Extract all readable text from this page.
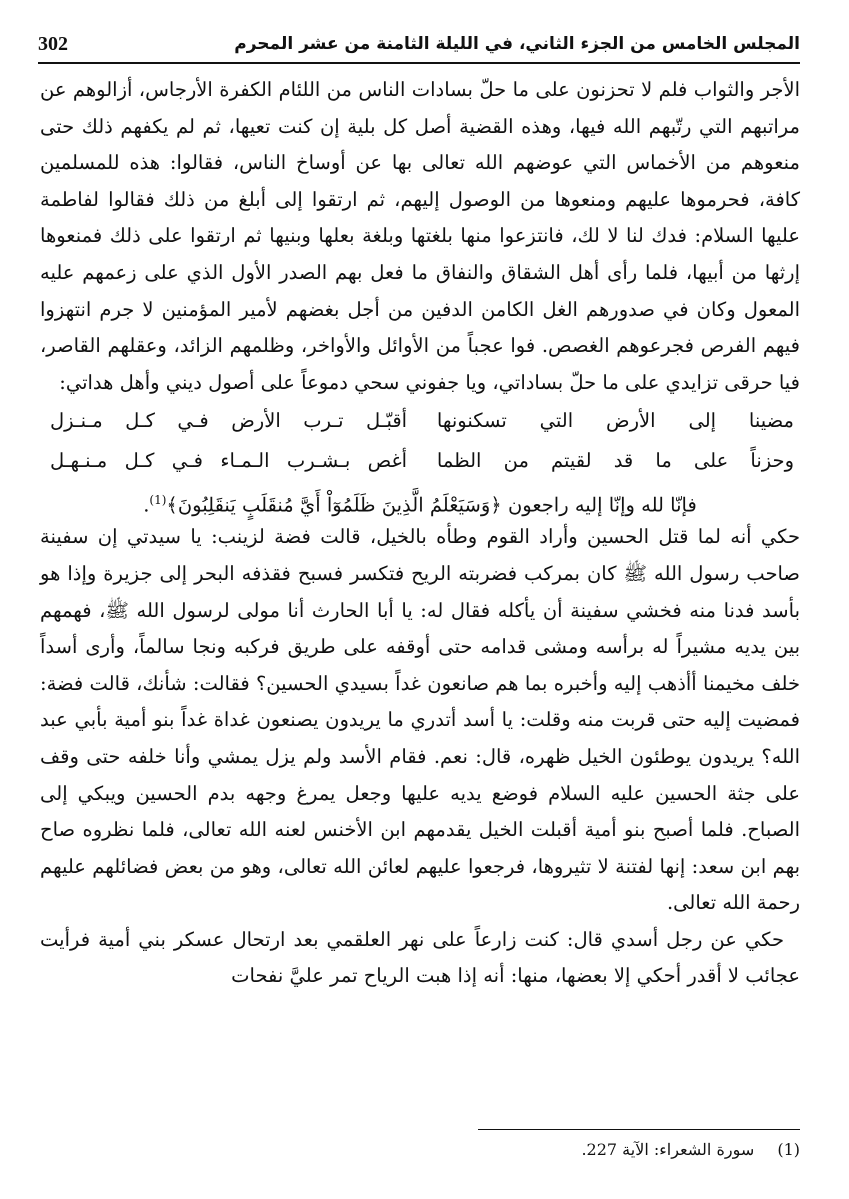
المجلس الخامس من الجزء الثاني، في الليلة الثامنة من عشر المحرم
302

الأجر والثواب فلم لا تحزنون على ما حلّ بسادات الناس من اللئام الكفرة الأرجاس، أزالوهم عن مراتبهم التي رتّبهم الله فيها، وهذه القضية أصل كل بلية إن كنت تعيها، ثم لم يكفهم ذلك حتى منعوهم من الأخماس التي عوضهم الله تعالى بها عن أوساخ الناس، فقالوا: هذه للمسلمين كافة، فحرموها عليهم ومنعوها من الوصول إليهم، ثم ارتقوا إلى أبلغ من ذلك فقالوا لفاطمة عليها السلام: فدك لنا لا لك، فانتزعوا منها بلغتها وبلغة بعلها وبنيها ثم ارتقوا على ذلك فمنعوها إرثها من أبيها، فلما رأى أهل الشقاق والنفاق ما فعل بهم الصدر الأول الذي على زعمهم عليه المعول وكان في صدورهم الغل الكامن الدفين من أجل بغضهم لأمير المؤمنين لا جرم انتهزوا فيهم الفرص فجرعوهم الغصص. فوا عجباً من الأوائل والأواخر، وظلمهم الزائد، وعقلهم القاصر، فيا حرقى تزايدي على ما حلّ بساداتي، ويا جفوني سحي دموعاً على أصول ديني وأهل هداتي:

مضينا إلى الأرض التي تسكنونها
أقبّـل تـرب الأرض فـي كـل مـنـزل
وحزناً على ما قد لقيتم من الظما
أغص بـشـرب الـمـاء فـي كـل مـنـهـل
فإنّا لله وإنّا إليه راجعون ﴿وَسَيَعْلَمُ الَّذِينَ ظَلَمُوٓاْ أَيَّ مُنقَلَبٍ يَنقَلِبُونَ﴾$^{(1)}$.

حكي أنه لما قتل الحسين وأراد القوم وطأه بالخيل، قالت فضة لزينب: يا سيدتي إن سفينة صاحب رسول الله ﷺ كان بمركب فضربته الريح فتكسر فسبح فقذفه البحر إلى جزيرة وإذا هو بأسد فدنا منه فخشي سفينة أن يأكله فقال له: يا أبا الحارث أنا مولى لرسول الله ﷺ، فهمهم بين يديه مشيراً له برأسه ومشى قدامه حتى أوقفه على طريق فركبه ونجا سالماً، وأرى أسداً خلف مخيمنا أأذهب إليه وأخبره بما هم صانعون غداً بسيدي الحسين؟ فقالت: شأنك، قالت فضة: فمضيت إليه حتى قربت منه وقلت: يا أسد أتدري ما يريدون يصنعون غداة غداً بنو أمية بأبي عبد الله؟ يريدون يوطئون الخيل ظهره، قال: نعم. فقام الأسد ولم يزل يمشي وأنا خلفه حتى وقف على جثة الحسين عليه السلام فوضع يديه عليها وجعل يمرغ وجهه بدم الحسين ويبكي إلى الصباح. فلما أصبح بنو أمية أقبلت الخيل يقدمهم ابن الأخنس لعنه الله تعالى، فلما نظروه صاح بهم ابن سعد: إنها لفتنة لا تثيروها، فرجعوا عليهم لعائن الله تعالى، وهو من بعض فضائلهم عليهم رحمة الله تعالى.

حكي عن رجل أسدي قال: كنت زارعاً على نهر العلقمي بعد ارتحال عسكر بني أمية فرأيت عجائب لا أقدر أحكي إلا بعضها، منها: أنه إذا هبت الرياح تمر عليَّ نفحات

(1) سورة الشعراء: الآية 227.
